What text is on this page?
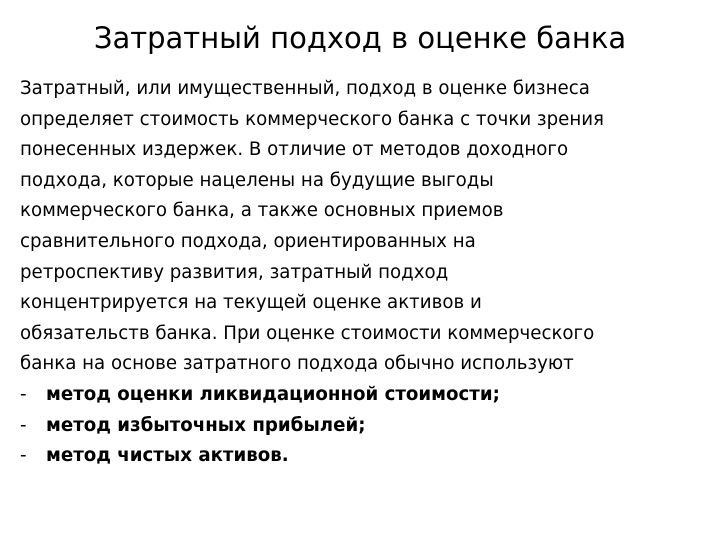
Затратный подход в оценке банка
Затратный, или имущественный, подход в оценке бизнеса
определяет стоимость коммерческого банка с точки зрения
понесенных издержек. В отличие от методов доходного
подхода, которые нацелены на будущие выгоды
коммерческого банка, а также основных приемов
сравнительного подхода, ориентированных на
ретроспективу развития, затратный подход
концентрируется на текущей оценке активов и
обязательств банка. При оценке стоимости коммерческого
банка на основе затратного подхода обычно используют
-	метод оценки ликвидационной стоимости;
-	метод избыточных прибылей;
-	метод чистых активов.
